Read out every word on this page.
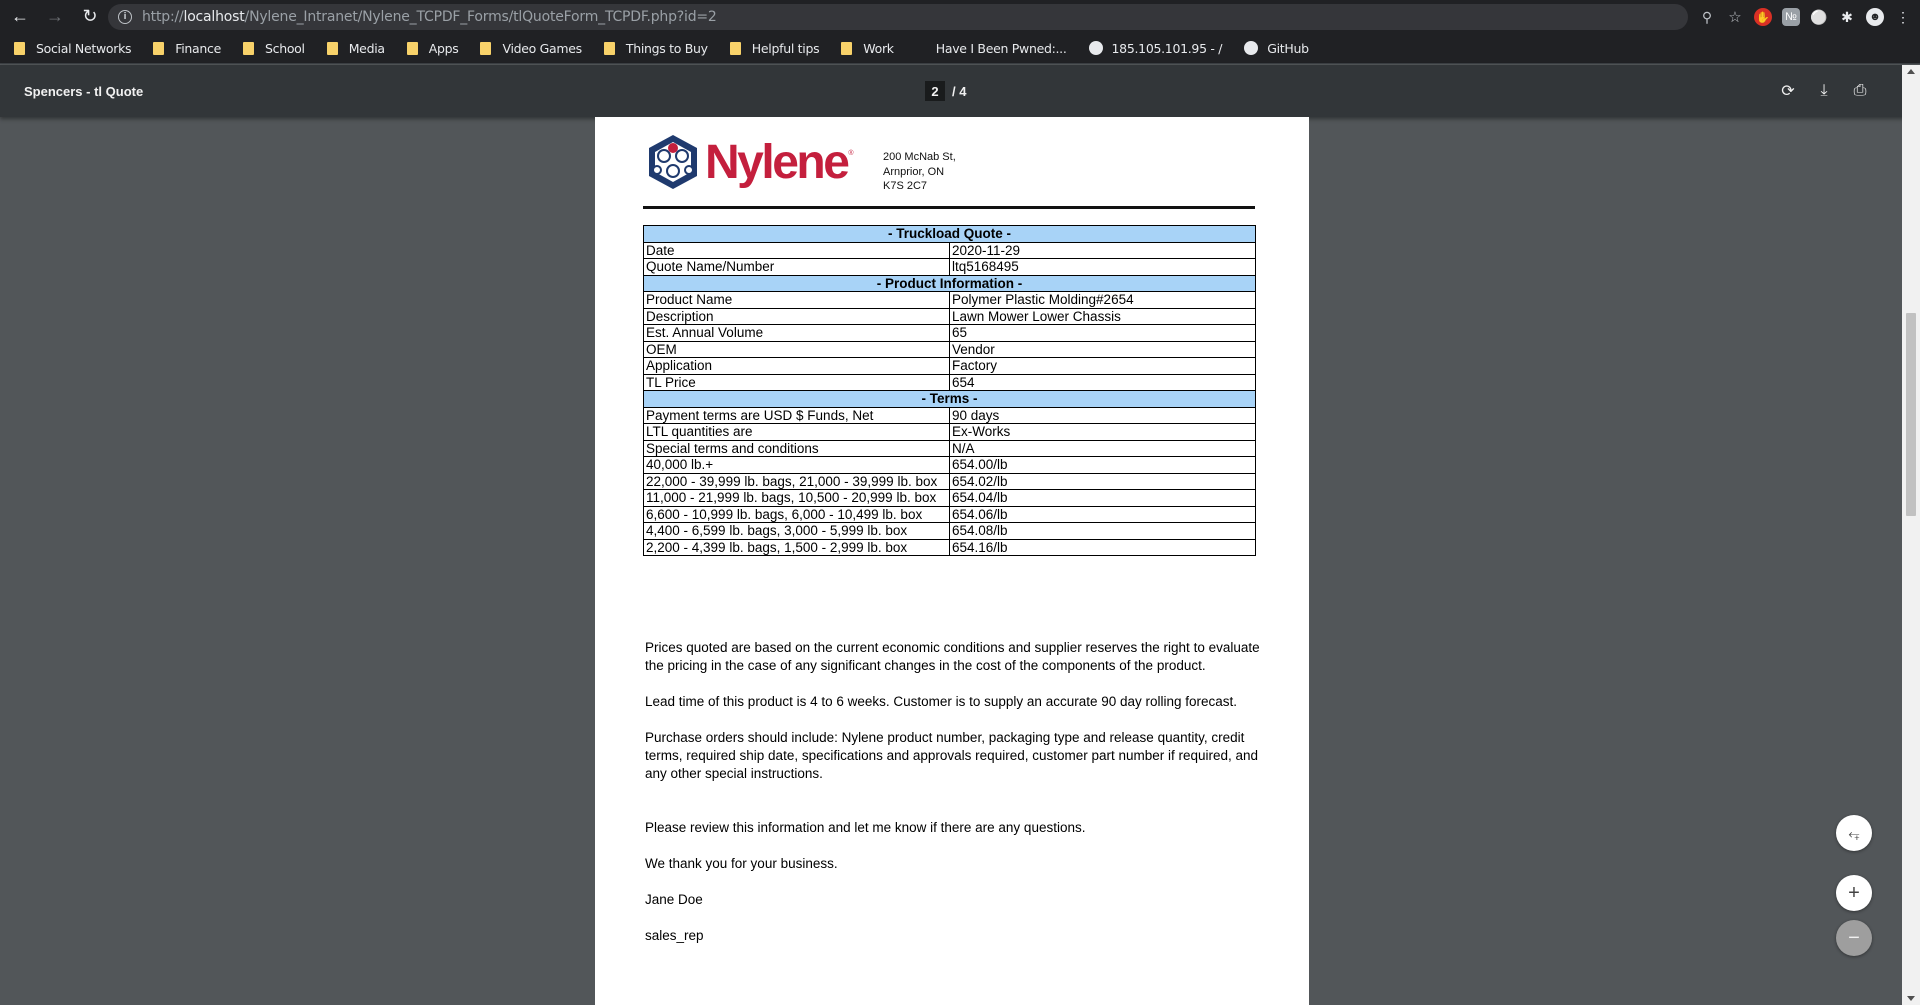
← →	↻	i	http://localhost/Nylene_Intranet/Nylene_TCPDF_Forms/tlQuoteForm_TCPDF.php?id=2	⚲ ☆ ✋ № ⚪ ✱ ☻ ⋮
Social Networks	Finance	School	Media	Apps	Video Games	Things to Buy	Helpful tips	Work	Have I Been Pwned:...	185.105.101.95 - /	GitHub
Spencers - tl Quote	2	/ 4	⟳ ⤓ ⎙
Nylene ®	200 McNab St,
Arnprior, ON
K7S 2C7
- Truckload Quote -	
Date	2020-11-29
Quote Name/Number	ltq5168495
- Product Information -	
Product Name	Polymer Plastic Molding#2654
Description	Lawn Mower Lower Chassis
Est. Annual Volume	65
OEM	Vendor
Application	Factory
TL Price	654
- Terms -	
Payment terms are USD $ Funds, Net	90 days
LTL quantities are	Ex-Works
Special terms and conditions	N/A
40,000 lb.+	654.00/lb
22,000 - 39,999 lb. bags, 21,000 - 39,999 lb. box	654.02/lb
11,000 - 21,999 lb. bags, 10,500 - 20,999 lb. box	654.04/lb
6,600 - 10,999 lb. bags, 6,000 - 10,499 lb. box	654.06/lb
4,400 - 6,599 lb. bags, 3,000 - 5,999 lb. box	654.08/lb
2,200 - 4,399 lb. bags, 1,500 - 2,999 lb. box	654.16/lb

Prices quoted are based on the current economic conditions and supplier reserves the right to evaluate the pricing in the case of any significant changes in the cost of the components of the product.

Lead time of this product is 4 to 6 weeks. Customer is to supply an accurate 90 day rolling forecast.

Purchase orders should include: Nylene product number, packaging type and release quantity, credit terms, required ship date, specifications and approvals required, customer part number if required, and any other special instructions.

Please review this information and let me know if there are any questions.

We thank you for your business.

Jane Doe

sales_rep

⥆
+
−
